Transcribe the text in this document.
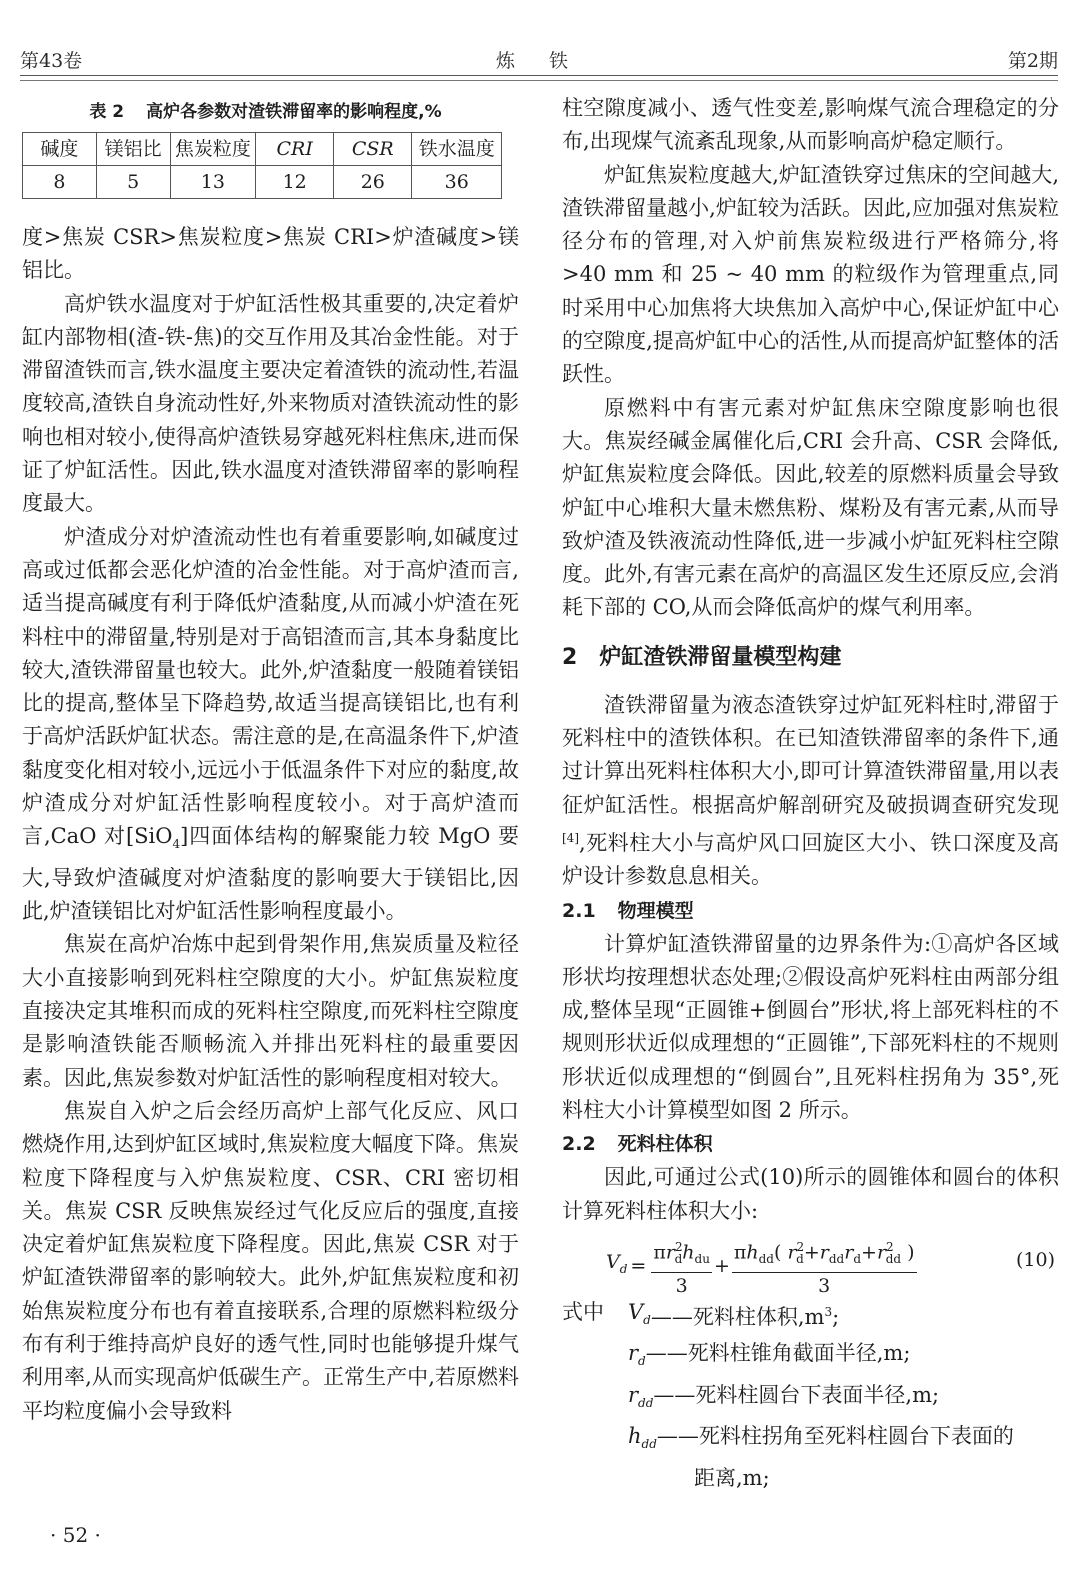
第43卷	炼 铁	第2期
表 2 高炉各参数对渣铁滞留率的影响程度,%
碱度	镁铝比	焦炭粒度	CRI	CSR	铁水温度
8	5	13	12	26	36

度>焦炭 CSR>焦炭粒度>焦炭 CRI>炉渣碱度>镁铝比。

高炉铁水温度对于炉缸活性极其重要的,决定着炉缸内部物相(渣-铁-焦)的交互作用及其冶金性能。对于滞留渣铁而言,铁水温度主要决定着渣铁的流动性,若温度较高,渣铁自身流动性好,外来物质对渣铁流动性的影响也相对较小,使得高炉渣铁易穿越死料柱焦床,进而保证了炉缸活性。因此,铁水温度对渣铁滞留率的影响程度最大。

炉渣成分对炉渣流动性也有着重要影响,如碱度过高或过低都会恶化炉渣的冶金性能。对于高炉渣而言,适当提高碱度有利于降低炉渣黏度,从而减小炉渣在死料柱中的滞留量,特别是对于高铝渣而言,其本身黏度比较大,渣铁滞留量也较大。此外,炉渣黏度一般随着镁铝比的提高,整体呈下降趋势,故适当提高镁铝比,也有利于高炉活跃炉缸状态。需注意的是,在高温条件下,炉渣黏度变化相对较小,远远小于低温条件下对应的黏度,故炉渣成分对炉缸活性影响程度较小。对于高炉渣而言,CaO 对[SiO$_4$]四面体结构的解聚能力较 MgO 要大,导致炉渣碱度对炉渣黏度的影响要大于镁铝比,因此,炉渣镁铝比对炉缸活性影响程度最小。

焦炭在高炉冶炼中起到骨架作用,焦炭质量及粒径大小直接影响到死料柱空隙度的大小。炉缸焦炭粒度直接决定其堆积而成的死料柱空隙度,而死料柱空隙度是影响渣铁能否顺畅流入并排出死料柱的最重要因素。因此,焦炭参数对炉缸活性的影响程度相对较大。

焦炭自入炉之后会经历高炉上部气化反应、风口燃烧作用,达到炉缸区域时,焦炭粒度大幅度下降。焦炭粒度下降程度与入炉焦炭粒度、CSR、CRI 密切相关。焦炭 CSR 反映焦炭经过气化反应后的强度,直接决定着炉缸焦炭粒度下降程度。因此,焦炭 CSR 对于炉缸渣铁滞留率的影响较大。此外,炉缸焦炭粒度和初始焦炭粒度分布也有着直接联系,合理的原燃料粒级分布有利于维持高炉良好的透气性,同时也能够提升煤气利用率,从而实现高炉低碳生产。正常生产中,若原燃料平均粒度偏小会导致料

柱空隙度减小、透气性变差,影响煤气流合理稳定的分布,出现煤气流紊乱现象,从而影响高炉稳定顺行。

炉缸焦炭粒度越大,炉缸渣铁穿过焦床的空间越大,渣铁滞留量越小,炉缸较为活跃。因此,应加强对焦炭粒径分布的管理,对入炉前焦炭粒级进行严格筛分,将>40 mm 和 25 ~ 40 mm 的粒级作为管理重点,同时采用中心加焦将大块焦加入高炉中心,保证炉缸中心的空隙度,提高炉缸中心的活性,从而提高炉缸整体的活跃性。

原燃料中有害元素对炉缸焦床空隙度影响也很大。焦炭经碱金属催化后,CRI 会升高、CSR 会降低,炉缸焦炭粒度会降低。因此,较差的原燃料质量会导致炉缸中心堆积大量未燃焦粉、煤粉及有害元素,从而导致炉渣及铁液流动性降低,进一步减小炉缸死料柱空隙度。此外,有害元素在高炉的高温区发生还原反应,会消耗下部的 CO,从而会降低高炉的煤气利用率。

2 炉缸渣铁滞留量模型构建

渣铁滞留量为液态渣铁穿过炉缸死料柱时,滞留于死料柱中的渣铁体积。在已知渣铁滞留率的条件下,通过计算出死料柱体积大小,即可计算渣铁滞留量,用以表征炉缸活性。根据高炉解剖研究及破损调查研究发现[4],死料柱大小与高炉风口回旋区大小、铁口深度及高炉设计参数息息相关。

2.1 物理模型

计算炉缸渣铁滞留量的边界条件为:①高炉各区域形状均按理想状态处理;②假设高炉死料柱由两部分组成,整体呈现“正圆锥+倒圆台”形状,将上部死料柱的不规则形状近似成理想的“正圆锥”,下部死料柱的不规则形状近似成理想的“倒圆台”,且死料柱拐角为 35°,死料柱大小计算模型如图 2 所示。

2.2 死料柱体积

因此,可通过公式(10)所示的圆锥体和圆台的体积计算死料柱体积大小:

$V_d = \frac{\pi r^2_dh_{du}}{3} + \frac{\pi h_{dd}( r^2_d+r_{dd}r_d+r^2_{dd} )}{3}$	(10)
式中	$V_d$ ——死料柱体积$,m^3$;
$r_d$ ——死料柱锥角截面半径,m;
$r_{dd}$ ——死料柱圆台下表面半径,m;
$h_{dd}$ ——死料柱拐角至死料柱圆台下表面的
距离,m;
· 52 ·
